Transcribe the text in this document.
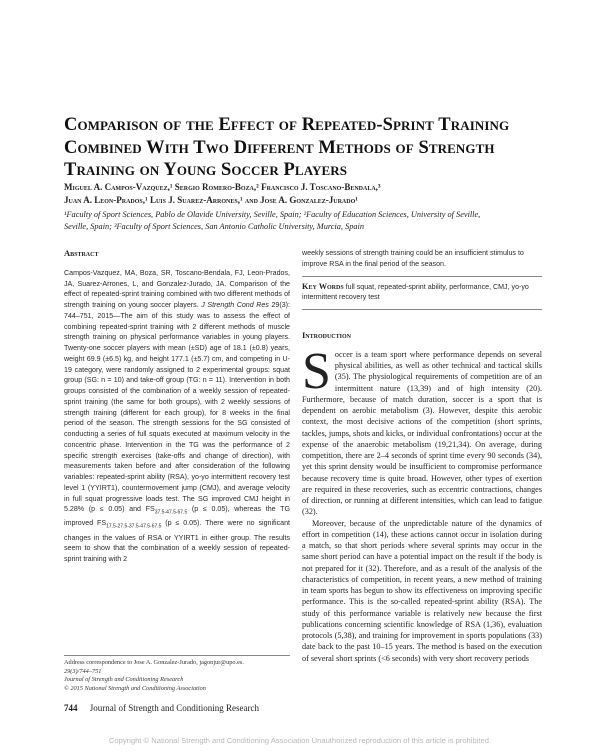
Comparison of the Effect of Repeated-Sprint Training Combined With Two Different Methods of Strength Training on Young Soccer Players
Miguel A. Campos-Vazquez,¹ Sergio Romero-Boza,² Francisco J. Toscano-Bendala,³
Juan A. Leon-Prados,¹ Luis J. Suarez-Arrones,¹ and Jose A. Gonzalez-Jurado¹
¹Faculty of Sport Sciences, Pablo de Olavide University, Seville, Spain; ²Faculty of Education Sciences, University of Seville,
Seville, Spain; ³Faculty of Sport Sciences, San Antonio Catholic University, Murcia, Spain
Abstract
Campos-Vazquez, MA, Boza, SR, Toscano-Bendala, FJ, Leon-Prados, JA, Suarez-Arrones, L, and Gonzalez-Jurado, JA. Comparison of the effect of repeated-sprint training combined with two different methods of strength training on young soccer players. J Strength Cond Res 29(3): 744–751, 2015—The aim of this study was to assess the effect of combining repeated-sprint training with 2 different methods of muscle strength training on physical performance variables in young players. Twenty-one soccer players with mean (±SD) age of 18.1 (±0.8) years, weight 69.9 (±6.5) kg, and height 177.1 (±5.7) cm, and competing in U-19 category, were randomly assigned to 2 experimental groups: squat group (SG: n = 10) and take-off group (TG: n = 11). Intervention in both groups consisted of the combination of a weekly session of repeated-sprint training (the same for both groups), with 2 weekly sessions of strength training (different for each group), for 8 weeks in the final period of the season. The strength sessions for the SG consisted of conducting a series of full squats executed at maximum velocity in the concentric phase. Intervention in the TG was the performance of 2 specific strength exercises (take-offs and change of direction), with measurements taken before and after consideration of the following variables: repeated-sprint ability (RSA), yo-yo intermittent recovery test level 1 (YYIRT1), countermovement jump (CMJ), and average velocity in full squat progressive loads test. The SG improved CMJ height in 5.28% (p ≤ 0.05) and $FS_{37.5-47.5-67.5}$ (p ≤ 0.05), whereas the TG improved $FS_{17.5-27.5-37.5-47.5-67.5}$ (p ≤ 0.05). There were no significant changes in the values of RSA or YYIRT1 in either group. The results seem to show that the combination of a weekly session of repeated-sprint training with 2
weekly sessions of strength training could be an insufficient stimulus to improve RSA in the final period of the season.
Key Words full squat, repeated-sprint ability, performance, CMJ, yo-yo intermittent recovery test
Introduction
S occer is a team sport where performance depends on several physical abilities, as well as other technical and tactical skills (35). The physiological requirements of competition are of an intermittent nature (13,39) and of high intensity (20). Furthermore, because of match duration, soccer is a sport that is dependent on aerobic metabolism (3). However, despite this aerobic context, the most decisive actions of the competition (short sprints, tackles, jumps, shots and kicks, or individual confrontations) occur at the expense of the anaerobic metabolism (19,21,34). On average, during competition, there are 2–4 seconds of sprint time every 90 seconds (34), yet this sprint density would be insufficient to compromise performance because recovery time is quite broad. However, other types of exertion are required in these recoveries, such as eccentric contractions, changes of direction, or running at different intensities, which can lead to fatigue (32).

Moreover, because of the unpredictable nature of the dynamics of effort in competition (14), these actions cannot occur in isolation during a match, so that short periods where several sprints may occur in the same short period can have a potential impact on the result if the body is not prepared for it (32). Therefore, and as a result of the analysis of the characteristics of competition, in recent years, a new method of training in team sports has begun to show its effectiveness on improving specific performance. This is the so-called repeated-sprint ability (RSA). The study of this performance variable is relatively new because the first publications concerning scientific knowledge of RSA (1,36), evaluation protocols (5,38), and training for improvement in sports populations (33) date back to the past 10–15 years. The method is based on the execution of several short sprints (<6 seconds) with very short recovery periods

Address correspondence to Jose A. Gonzalez-Jurado, jagonjur@upo.es.
29(3)/744–751
Journal of Strength and Conditioning Research
© 2015 National Strength and Conditioning Association
744 Journal of Strength and Conditioning Research
Copyright © National Strength and Conditioning Association Unauthorized reproduction of this article is prohibited.
